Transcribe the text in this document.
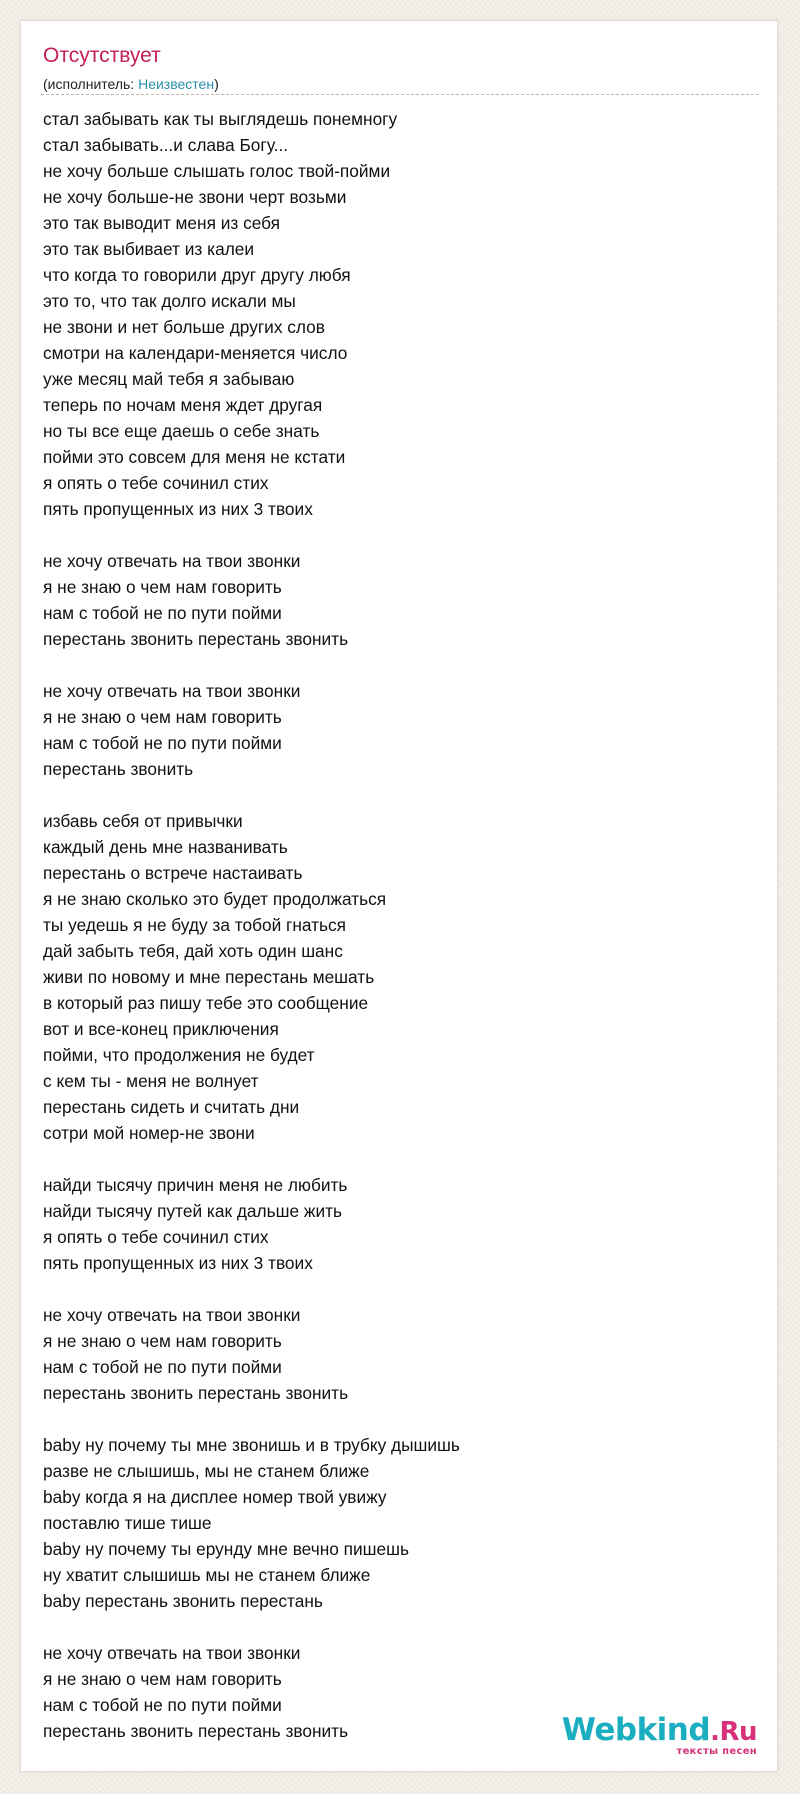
Отсутствует
(исполнитель: Неизвестен)
стал забывать как ты выглядешь понемногу
стал забывать...и слава Богу...
не хочу больше слышать голос твой-пойми
не хочу больше-не звони черт возьми
это так выводит меня из себя
это так выбивает из калеи
что когда то говорили друг другу любя
это то, что так долго искали мы
не звони и нет больше других слов
смотри на календари-меняется число
уже месяц май тебя я забываю
теперь по ночам меня ждет другая
но ты все еще даешь о себе знать
пойми это совсем для меня не кстати
я опять о тебе сочинил стих
пять пропущенных из них 3 твоих
не хочу отвечать на твои звонки
я не знаю о чем нам говорить
нам с тобой не по пути пойми
перестань звонить перестань звонить
не хочу отвечать на твои звонки
я не знаю о чем нам говорить
нам с тобой не по пути пойми
перестань звонить
избавь себя от привычки
каждый день мне названивать
перестань о встрече настаивать
я не знаю сколько это будет продолжаться
ты уедешь я не буду за тобой гнаться
дай забыть тебя, дай хоть один шанс
живи по новому и мне перестань мешать
в который раз пишу тебе это сообщение
вот и все-конец приключения
пойми, что продолжения не будет
с кем ты - меня не волнует
перестань сидеть и считать дни
сотри мой номер-не звони
найди тысячу причин меня не любить
найди тысячу путей как дальше жить
я опять о тебе сочинил стих
пять пропущенных из них 3 твоих
не хочу отвечать на твои звонки
я не знаю о чем нам говорить
нам с тобой не по пути пойми
перестань звонить перестань звонить
baby ну почему ты мне звонишь и в трубку дышишь
разве не слышишь, мы не станем ближе
baby когда я на дисплее номер твой увижу
поставлю тише тише
baby ну почему ты ерунду мне вечно пишешь
ну хватит слышишь мы не станем ближе
baby перестань звонить перестань
не хочу отвечать на твои звонки
я не знаю о чем нам говорить
нам с тобой не по пути пойми
перестань звонить перестань звонить	Webkind.Ru
тексты песен
